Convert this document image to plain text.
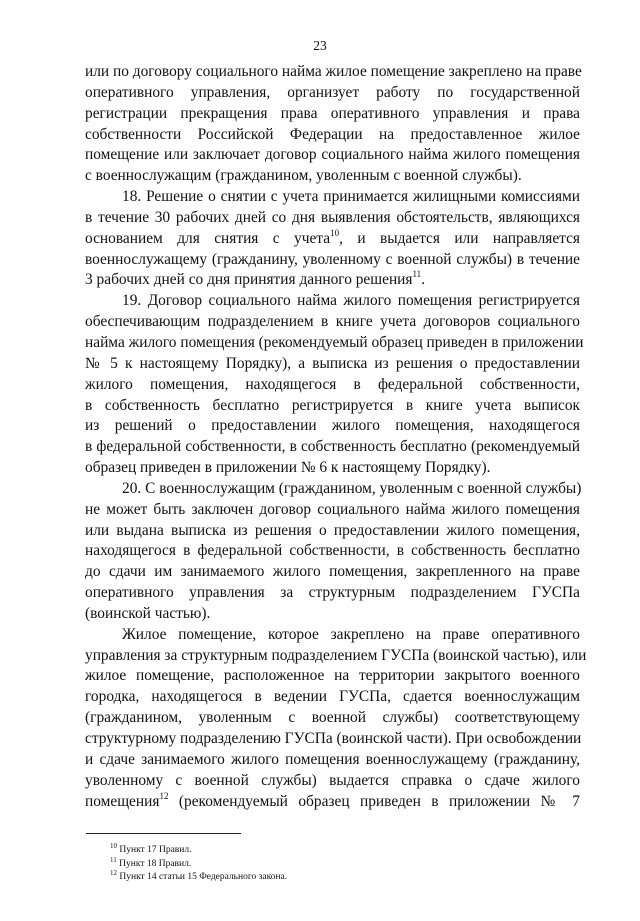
23

или по договору социального найма жилое помещение закреплено на праве
оперативного управления, организует работу по государственной
регистрации прекращения права оперативного управления и права
собственности Российской Федерации на предоставленное жилое
помещение или заключает договор социального найма жилого помещения
с военнослужащим (гражданином, уволенным с военной службы).

18. Решение о снятии с учета принимается жилищными комиссиями
в течение 30 рабочих дней со дня выявления обстоятельств, являющихся
основанием для снятия с учета$^{10}$, и выдается или направляется
военнослужащему (гражданину, уволенному с военной службы) в течение
3 рабочих дней со дня принятия данного решения$^{11}$.

19. Договор социального найма жилого помещения регистрируется
обеспечивающим подразделением в книге учета договоров социального
найма жилого помещения (рекомендуемый образец приведен в приложении
№ 5 к настоящему Порядку), а выписка из решения о предоставлении
жилого помещения, находящегося в федеральной собственности,
в собственность бесплатно регистрируется в книге учета выписок
из решений о предоставлении жилого помещения, находящегося
в федеральной собственности, в собственность бесплатно (рекомендуемый
образец приведен в приложении № 6 к настоящему Порядку).

20. С военнослужащим (гражданином, уволенным с военной службы)
не может быть заключен договор социального найма жилого помещения
или выдана выписка из решения о предоставлении жилого помещения,
находящегося в федеральной собственности, в собственность бесплатно
до сдачи им занимаемого жилого помещения, закрепленного на праве
оперативного управления за структурным подразделением ГУСПа
(воинской частью).

Жилое помещение, которое закреплено на праве оперативного
управления за структурным подразделением ГУСПа (воинской частью), или
жилое помещение, расположенное на территории закрытого военного
городка, находящегося в ведении ГУСПа, сдается военнослужащим
(гражданином, уволенным с военной службы) соответствующему
структурному подразделению ГУСПа (воинской части). При освобождении
и сдаче занимаемого жилого помещения военнослужащему (гражданину,
уволенному с военной службы) выдается справка о сдаче жилого
помещения$^{12}$ (рекомендуемый образец приведен в приложении № 7

$^{10}$ Пункт 17 Правил.
$^{11}$ Пункт 18 Правил.
$^{12}$ Пункт 14 статьи 15 Федерального закона.
